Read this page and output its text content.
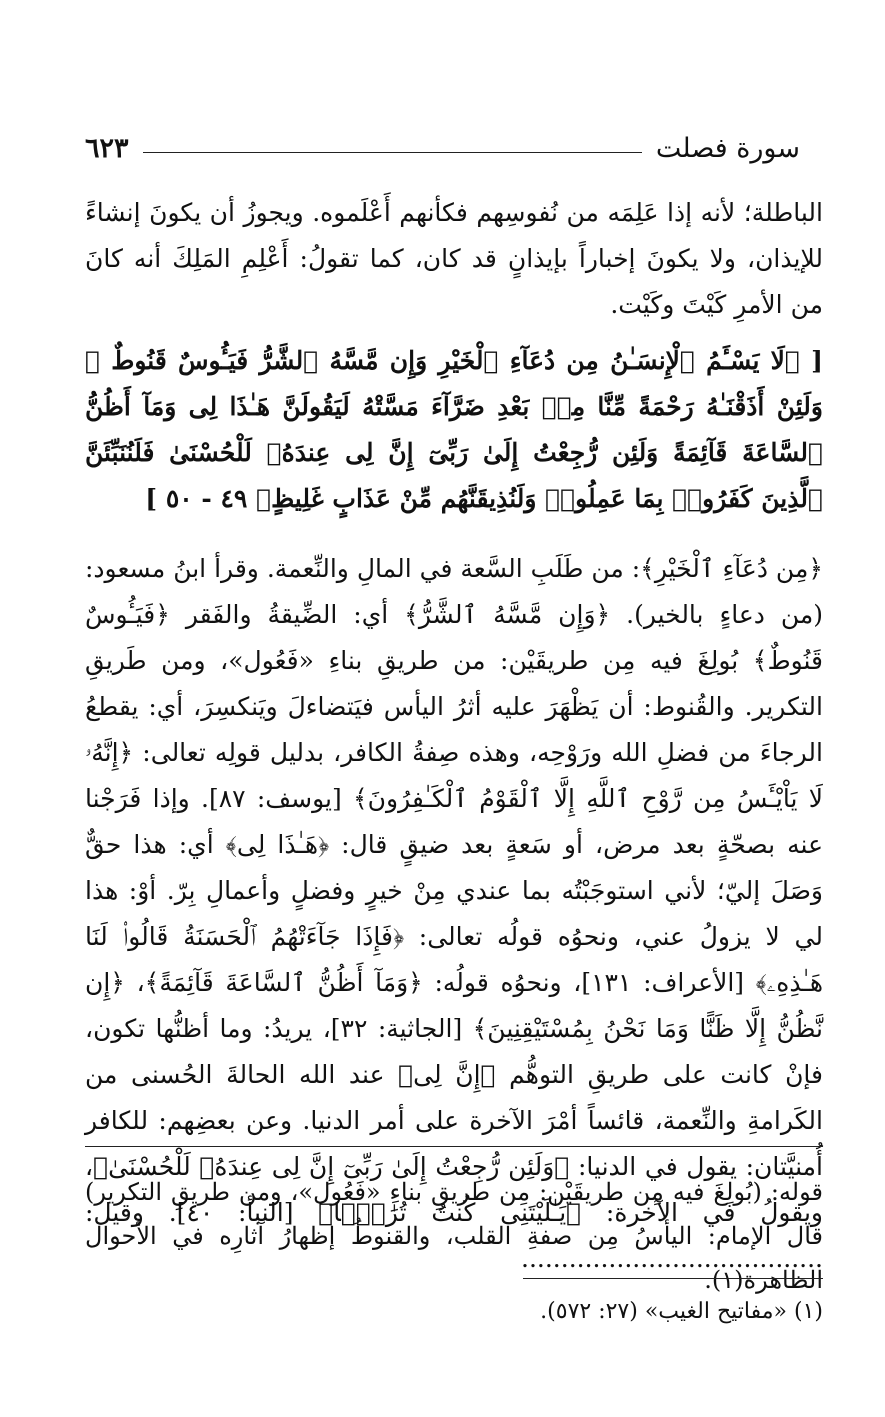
سورة فصلت
٦٢٣

الباطلة؛ لأنه إذا عَلِمَه من نُفوسِهم فكأنهم أَعْلَموه. ويجوزُ أن يكونَ إنشاءً للإيذان، ولا يكونَ إخباراً بإيذانٍ قد كان، كما تقولُ: أَعْلِمِ المَلِكَ أنه كانَ من الأمرِ كَيْتَ وكَيْت.

[ ﴿لَا يَسْـَٔمُ ٱلْإِنسَـٰنُ مِن دُعَآءِ ٱلْخَيْرِ وَإِن مَّسَّهُ ٱلشَّرُّ فَيَـُٔوسٌ قَنُوطٌ ۞ وَلَئِنْ أَذَقْنَـٰهُ رَحْمَةً مِّنَّا مِنۢ بَعْدِ ضَرَّآءَ مَسَّتْهُ لَيَقُولَنَّ هَـٰذَا لِى وَمَآ أَظُنُّ ٱلسَّاعَةَ قَآئِمَةً وَلَئِن رُّجِعْتُ إِلَىٰ رَبِّىٓ إِنَّ لِى عِندَهُۥ لَلْحُسْنَىٰ فَلَنُنَبِّئَنَّ ٱلَّذِينَ كَفَرُوا۟ بِمَا عَمِلُوا۟ وَلَنُذِيقَنَّهُم مِّنْ عَذَابٍ غَلِيظٍ﴾ ٤٩ - ٥٠ ]

﴿مِن دُعَآءِ ٱلْخَيْرِ﴾: من طَلَبِ السَّعة في المالِ والنِّعمة. وقرأ ابنُ مسعود: (من دعاءٍ بالخير). ﴿وَإِن مَّسَّهُ ٱلشَّرُّ﴾ أي: الضِّيقةُ والفَقر ﴿فَيَـُٔوسٌ قَنُوطٌ﴾ بُولِغَ فيه مِن طريقَيْن: من طريقِ بناءِ «فَعُول»، ومن طَريقِ التكرير. والقُنوط: أن يَظْهَرَ عليه أثرُ اليأس فيَتضاءلَ ويَنكسِرَ، أي: يقطعُ الرجاءَ من فضلِ الله ورَوْحِه، وهذه صِفةُ الكافر، بدليل قولِه تعالى: ﴿إِنَّهُۥ لَا يَاْيْـَٔسُ مِن رَّوْحِ ٱللَّهِ إِلَّا ٱلْقَوْمُ ٱلْكَـٰفِرُونَ﴾ [يوسف: ٨٧]. وإذا فَرَجْنا عنه بصحّةٍ بعد مرض، أو سَعةٍ بعد ضيقٍ قال: ﴿هَـٰذَا لِى﴾ أي: هذا حقٌّ وَصَلَ إليّ؛ لأني استوجَبْتُه بما عندي مِنْ خيرٍ وفضلٍ وأعمالِ بِرّ. أوْ: هذا لي لا يزولُ عني، ونحوُه قولُه تعالى: ﴿فَإِذَا جَآءَتْهُمُ ٱلْحَسَنَةُ قَالُوا۟ لَنَا هَـٰذِهِۦ﴾ [الأعراف: ١٣١]، ونحوُه قولُه: ﴿وَمَآ أَظُنُّ ٱلسَّاعَةَ قَآئِمَةً﴾، ﴿إِن نَّظُنُّ إِلَّا ظَنًّا وَمَا نَحْنُ بِمُسْتَيْقِنِينَ﴾ [الجاثية: ٣٢]، يريدُ: وما أظنُّها تكون، فإنْ كانت على طريقِ التوهُّم ﴿إِنَّ لِى﴾ عند الله الحالةَ الحُسنى من الكَرامةِ والنِّعمة، قائساً أمْرَ الآخرة على أمر الدنيا. وعن بعضِهم: للكافر أُمنيَّتان: يقول في الدنيا: ﴿وَلَئِن رُّجِعْتُ إِلَىٰ رَبِّىٓ إِنَّ لِى عِندَهُۥ لَلْحُسْنَىٰ﴾، ويقولُ في الآخرة: ﴿يَـٰلَيْتَنِى كُنتُ تُرَٰبًۢا﴾ [النبأ: ٤٠]. وقيل: ......................................

قوله: (بُولِغَ فيه مِن طريقَيْن: مِن طريقِ بناءِ «فَعُول»، ومن طريقِ التكرير) قال الإمام: اليأسُ مِن صفةِ القلب، والقنوطُ إظهارُ آثارِه في الأحوال الظاهرة(١).

(١) «مفاتيح الغيب» (٢٧: ٥٧٢).
